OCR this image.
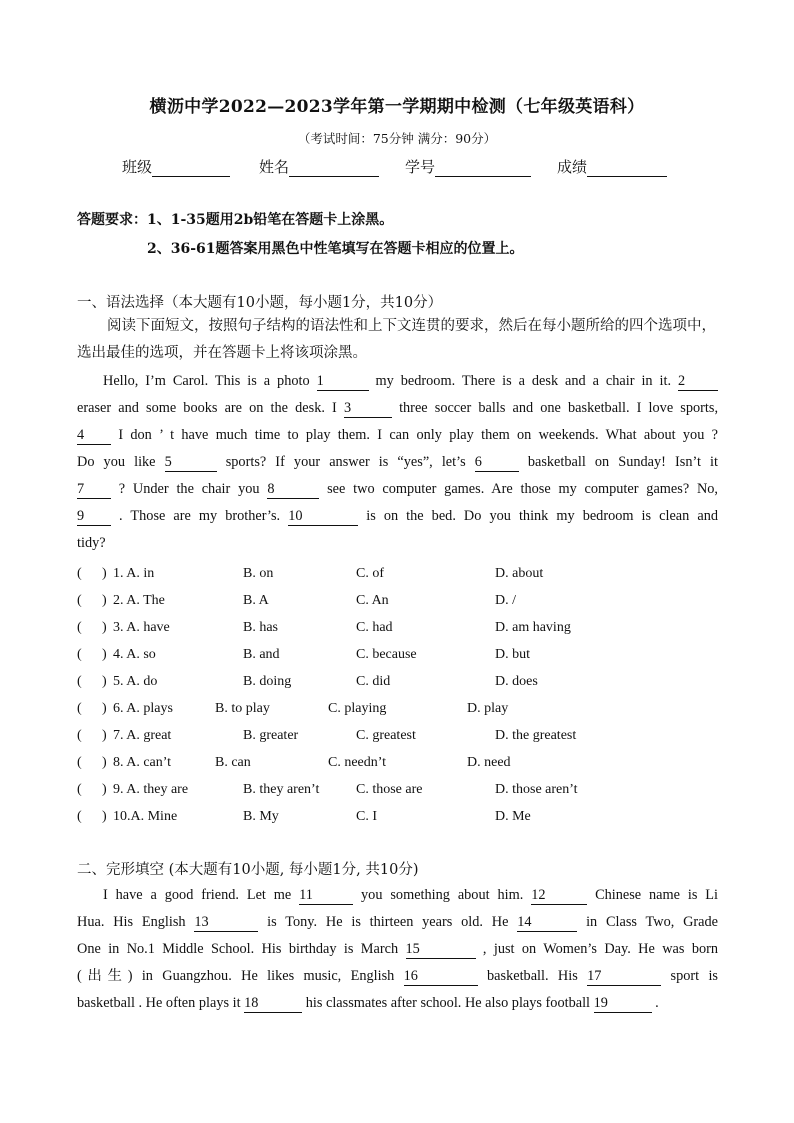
横沥中学2022—2023学年第一学期期中检测（七年级英语科）
（考试时间：75分钟 满分：90分）
班级	姓名	学号	成绩
答题要求：1、1-35题用2b铅笔在答题卡上涂黑。
2、36-61题答案用黑色中性笔填写在答题卡相应的位置上。
一、语法选择（本大题有10小题，每小题1分，共10分）
阅读下面短文，按照句子结构的语法性和上下文连贯的要求，然后在每小题所给的四个选项中，选出最佳的选项，并在答题卡上将该项涂黑。
Hello, I’m Carol. This is a photo 1	my bedroom. There is a desk and a chair in it. 2
eraser and some books are on the desk. I 3	three soccer balls and one basketball. I love sports,
4 I don ’ t have much time to play them. I can only play them on weekends. What about you ?
Do you like 5	sports? If your answer is “yes”, let’s 6	basketball on Sunday! Isn’t it
7 ? Under the chair you 8	see two computer games. Are those my computer games? No,
9 . Those are my brother’s. 10	is on the bed. Do you think my bedroom is clean and
tidy?
( ) 1. A. in	B. on	C. of	D. about
( ) 2. A. The	B. A	C. An	D. /
( ) 3. A. have	B. has	C. had	D. am having
( ) 4. A. so	B. and	C. because	D. but
( ) 5. A. do	B. doing	C. did	D. does
( ) 6. A. plays	B. to play	C. playing	D. play
( ) 7. A. great	B. greater	C. greatest	D. the greatest
( ) 8. A. can’t	B. can	C. needn’t	D. need
( ) 9. A. they are	B. they aren’t	C. those are	D. those aren’t
( ) 10.A. Mine	B. My	C. I	D. Me
二、完形填空 (本大题有10小题, 每小题1分, 共10分)
I have a good friend. Let me 11	you something about him. 12	Chinese name is Li
Hua. His English 13	is Tony. He is thirteen years old. He 14	in Class Two, Grade
One in No.1 Middle School. His birthday is March 15	, just on Women’s Day. He was born
(出生) in Guangzhou. He likes music, English 16	basketball. His 17	sport is
basketball . He often plays it 18	his classmates after school. He also plays football 19	.
